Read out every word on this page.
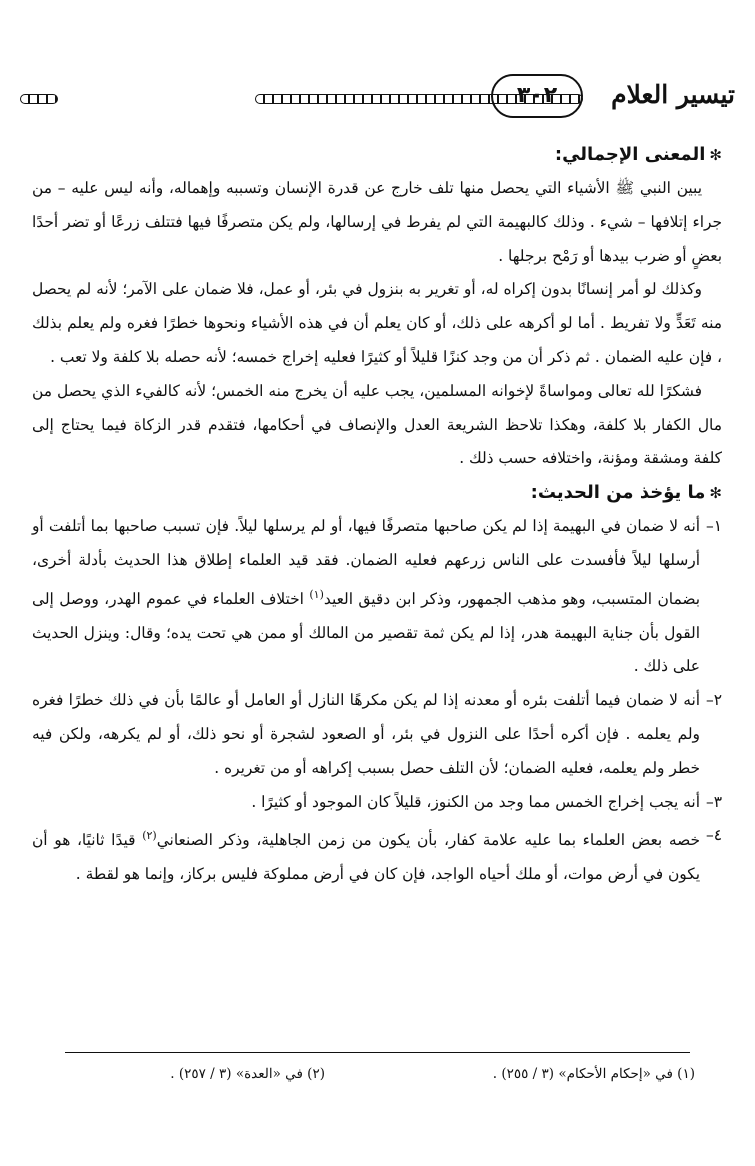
تيسير العلام
٣٠٢
✻المعنى الإجمالي:

يبين النبي ﷺ الأشياء التي يحصل منها تلف خارج عن قدرة الإنسان وتسببه وإهماله، وأنه ليس عليه – من جراء إتلافها – شيء . وذلك كالبهيمة التي لم يفرط في إرسالها، ولم يكن متصرفًا فيها فتتلف زرعًا أو تضر أحدًا بعضٍ أو ضرب بيدها أو رَمْح برجلها .

وكذلك لو أمر إنسانًا بدون إكراه له، أو تغرير به بنزول في بئر، أو عمل، فلا ضمان على الآمر؛ لأنه لم يحصل منه تَعَدٍّ ولا تفريط . أما لو أكرهه على ذلك، أو كان يعلم أن في هذه الأشياء ونحوها خطرًا فغره ولم يعلم بذلك ، فإن عليه الضمان . ثم ذكر أن من وجد كنزًا قليلاً أو كثيرًا فعليه إخراج خمسه؛ لأنه حصله بلا كلفة ولا تعب .

فشكرًا لله تعالى ومواساةً لإخوانه المسلمين، يجب عليه أن يخرج منه الخمس؛ لأنه كالفيء الذي يحصل من مال الكفار بلا كلفة، وهكذا تلاحظ الشريعة العدل والإنصاف في أحكامها، فتقدم قدر الزكاة فيما يحتاج إلى كلفة ومشقة ومؤنة، واختلافه حسب ذلك .

✻ما يؤخذ من الحديث:
١–
أنه لا ضمان في البهيمة إذا لم يكن صاحبها متصرفًا فيها، أو لم يرسلها ليلاً. فإن تسبب صاحبها بما أتلفت أو أرسلها ليلاً فأفسدت على الناس زرعهم فعليه الضمان. فقد قيد العلماء إطلاق هذا الحديث بأدلة أخرى، بضمان المتسبب، وهو مذهب الجمهور، وذكر ابن دقيق العيد$^{(١)}$ اختلاف العلماء في عموم الهدر، ووصل إلى القول بأن جناية البهيمة هدر، إذا لم يكن ثمة تقصير من المالك أو ممن هي تحت يده؛ وقال: وينزل الحديث على ذلك .
٢–
أنه لا ضمان فيما أتلفت بئره أو معدنه إذا لم يكن مكرهًا النازل أو العامل أو عالمًا بأن في ذلك خطرًا فغره ولم يعلمه . فإن أكره أحدًا على النزول في بئر، أو الصعود لشجرة أو نحو ذلك، أو لم يكرهه، ولكن فيه خطر ولم يعلمه، فعليه الضمان؛ لأن التلف حصل بسبب إكراهه أو من تغريره .
٣–
أنه يجب إخراج الخمس مما وجد من الكنوز، قليلاً كان الموجود أو كثيرًا .
٤–
خصه بعض العلماء بما عليه علامة كفار، بأن يكون من زمن الجاهلية، وذكر الصنعاني$^{(٢)}$ قيدًا ثانيًا، هو أن يكون في أرض موات، أو ملك أحياه الواجد، فإن كان في أرض مملوكة فليس بركاز، وإنما هو لقطة .
(١) في «إحكام الأحكام» (٣ / ٢٥٥) .
(٢) في «العدة» (٣ / ٢٥٧) .
